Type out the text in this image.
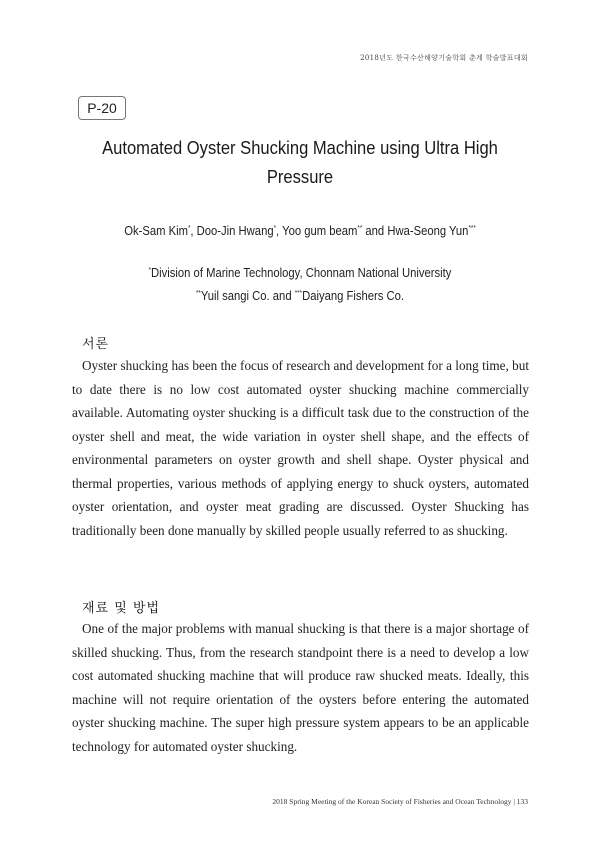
2018년도 한국수산해양기술학회 춘계 학술발표대회
P-20
Automated Oyster Shucking Machine using Ultra High
Pressure
Ok-Sam Kim*, Doo-Jin Hwang*, Yoo gum beam** and Hwa-Seong Yun***
*Division of Marine Technology, Chonnam National University
**Yuil sangi Co. and ***Daiyang Fishers Co.
서론
Oyster shucking has been the focus of research and development for a long time, but to date there is no low cost automated oyster shucking machine commercially available. Automating oyster shucking is a difficult task due to the construction of the oyster shell and meat, the wide variation in oyster shell shape, and the effects of environmental parameters on oyster growth and shell shape. Oyster physical and thermal properties, various methods of applying energy to shuck oysters, automated oyster orientation, and oyster meat grading are discussed. Oyster Shucking has traditionally been done manually by skilled people usually referred to as shucking.
재료 및 방법
One of the major problems with manual shucking is that there is a major shortage of skilled shucking. Thus, from the research standpoint there is a need to develop a low cost automated shucking machine that will produce raw shucked meats. Ideally, this machine will not require orientation of the oysters before entering the automated oyster shucking machine. The super high pressure system appears to be an applicable technology for automated oyster shucking.
2018 Spring Meeting of the Korean Society of Fisheries and Ocean Technology | 133
